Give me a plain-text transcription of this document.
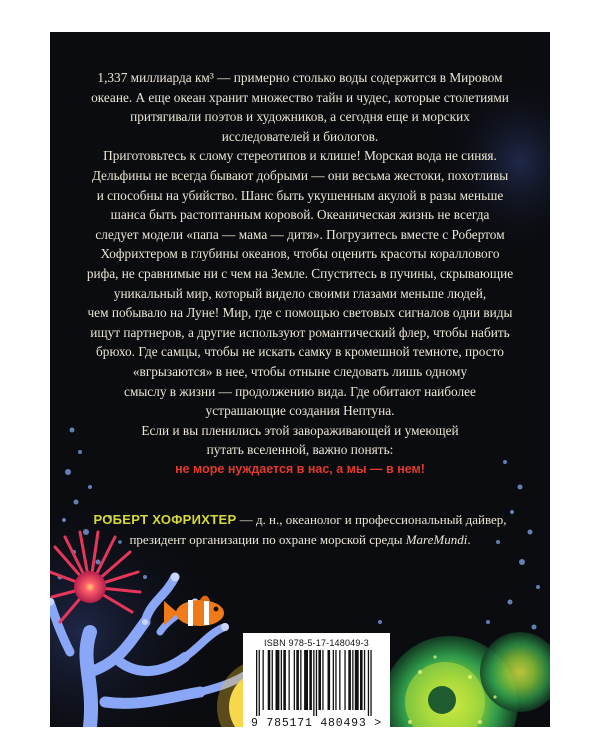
1,337 миллиарда км³ — примерно столько воды содержится в Мировом

океане. А еще океан хранит множество тайн и чудес, которые столетиями

притягивали поэтов и художников, а сегодня еще и морских

исследователей и биологов.

Приготовьтесь к слому стереотипов и клише! Морская вода не синяя.

Дельфины не всегда бывают добрыми — они весьма жестоки, похотливы

и способны на убийство. Шанс быть укушенным акулой в разы меньше

шанса быть растоптанным коровой. Океаническая жизнь не всегда

следует модели «папа — мама — дитя». Погрузитесь вместе с Робертом

Хофрихтером в глубины океанов, чтобы оценить красоты кораллового

рифа, не сравнимые ни с чем на Земле. Спуститесь в пучины, скрывающие

уникальный мир, который видело своими глазами меньше людей,

чем побывало на Луне! Мир, где с помощью световых сигналов одни виды

ищут партнеров, а другие используют романтический флер, чтобы набить

брюхо. Где самцы, чтобы не искать самку в кромешной темноте, просто

«вгрызаются» в нее, чтобы отныне следовать лишь одному

смыслу в жизни — продолжению вида. Где обитают наиболее

устрашающие создания Нептуна.

Если и вы пленились этой завораживающей и умеющей

путать вселенной, важно понять:

не море нуждается в нас, а мы — в нем!

РОБЕРТ ХОФРИХТЕР — д. н., океанолог и профессиональный дайвер,
президент организации по охране морской среды MareMundi.
ISBN 978-5-17-148049-3
9 785171 480493 >
